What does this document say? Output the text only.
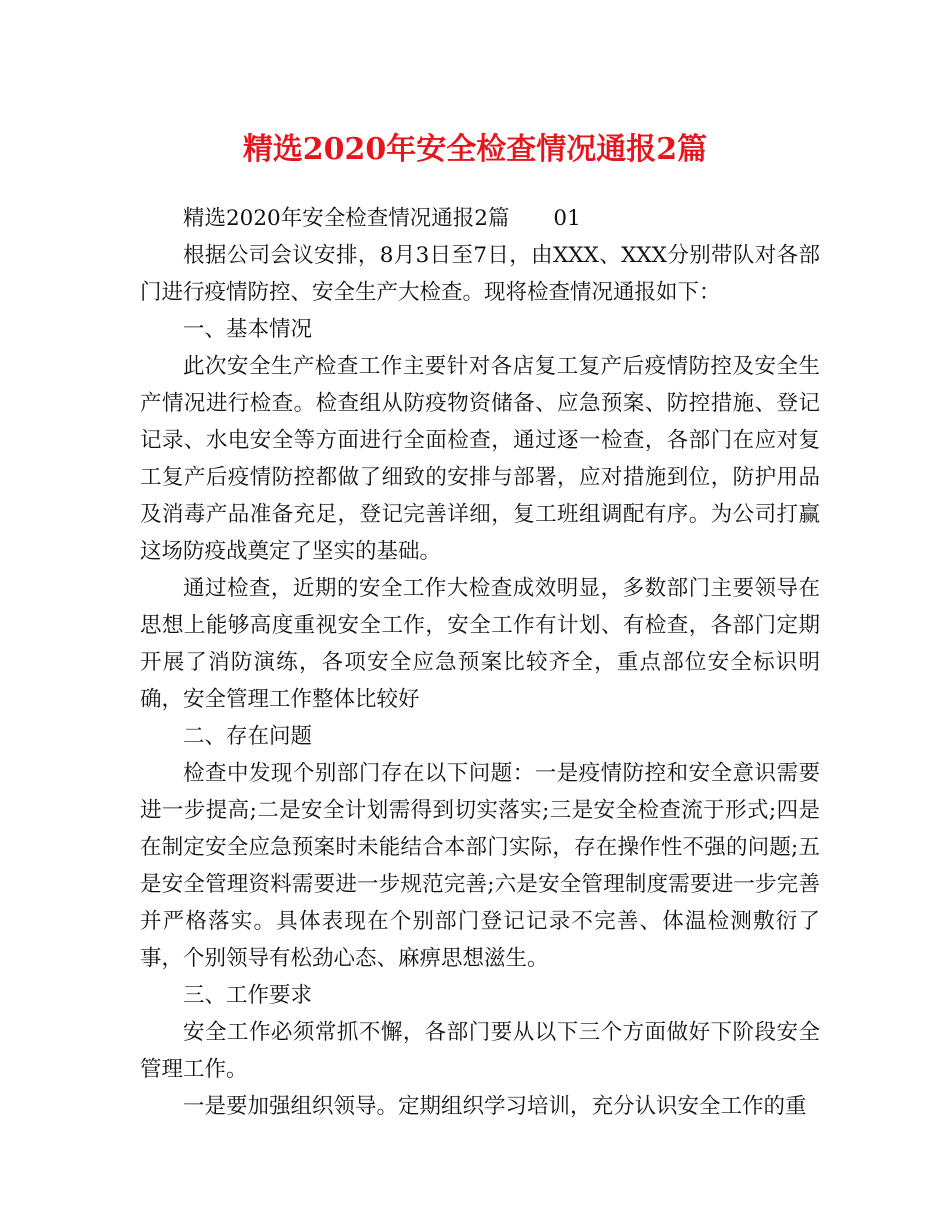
精选2020年安全检查情况通报2篇

精选2020年安全检查情况通报2篇 01

根据公司会议安排，8月3日至7日，由XXX、XXX分别带队对各部门进行疫情防控、安全生产大检查。现将检查情况通报如下：

一、基本情况

此次安全生产检查工作主要针对各店复工复产后疫情防控及安全生产情况进行检查。检查组从防疫物资储备、应急预案、防控措施、登记记录、水电安全等方面进行全面检查，通过逐一检查，各部门在应对复工复产后疫情防控都做了细致的安排与部署，应对措施到位，防护用品及消毒产品准备充足，登记完善详细，复工班组调配有序。为公司打赢这场防疫战奠定了坚实的基础。

通过检查，近期的安全工作大检查成效明显，多数部门主要领导在思想上能够高度重视安全工作，安全工作有计划、有检查，各部门定期开展了消防演练，各项安全应急预案比较齐全，重点部位安全标识明确，安全管理工作整体比较好

二、存在问题

检查中发现个别部门存在以下问题：一是疫情防控和安全意识需要进一步提高;二是安全计划需得到切实落实;三是安全检查流于形式;四是在制定安全应急预案时未能结合本部门实际，存在操作性不强的问题;五是安全管理资料需要进一步规范完善;六是安全管理制度需要进一步完善并严格落实。具体表现在个别部门登记记录不完善、体温检测敷衍了事，个别领导有松劲心态、麻痹思想滋生。

三、工作要求

安全工作必须常抓不懈，各部门要从以下三个方面做好下阶段安全管理工作。

一是要加强组织领导。定期组织学习培训，充分认识安全工作的重
